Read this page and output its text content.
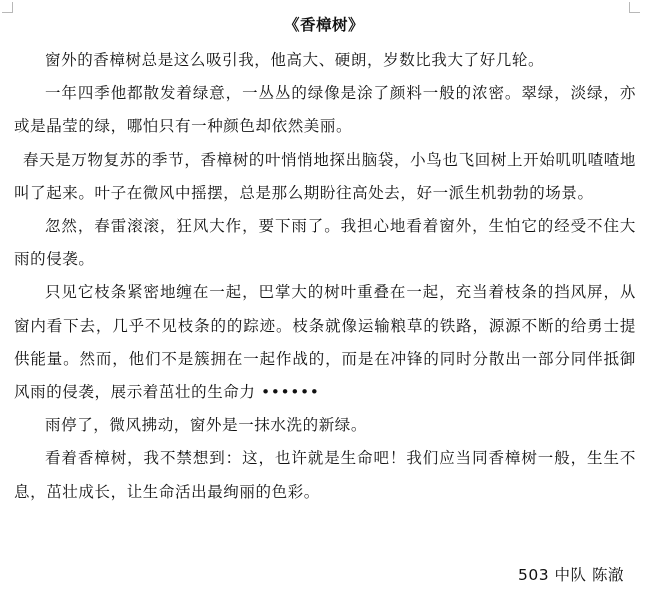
《香樟树》

窗外的香樟树总是这么吸引我，他高大、硬朗，岁数比我大了好几轮。

一年四季他都散发着绿意，一丛丛的绿像是涂了颜料一般的浓密。翠绿，淡绿，亦或是晶莹的绿，哪怕只有一种颜色却依然美丽。

春天是万物复苏的季节，香樟树的叶悄悄地探出脑袋，小鸟也飞回树上开始叽叽喳喳地叫了起来。叶子在微风中摇摆，总是那么期盼往高处去，好一派生机勃勃的场景。

忽然，春雷滚滚，狂风大作，要下雨了。我担心地看着窗外，生怕它的经受不住大雨的侵袭。

只见它枝条紧密地缠在一起，巴掌大的树叶重叠在一起，充当着枝条的挡风屏，从窗内看下去，几乎不见枝条的的踪迹。枝条就像运输粮草的铁路，源源不断的给勇士提供能量。然而，他们不是簇拥在一起作战的，而是在冲锋的同时分散出一部分同伴抵御风雨的侵袭，展示着茁壮的生命力 ••••••

雨停了，微风拂动，窗外是一抹水洗的新绿。

看着香樟树，我不禁想到：这，也许就是生命吧！我们应当同香樟树一般，生生不息，茁壮成长，让生命活出最绚丽的色彩。

503 中队 陈澈
